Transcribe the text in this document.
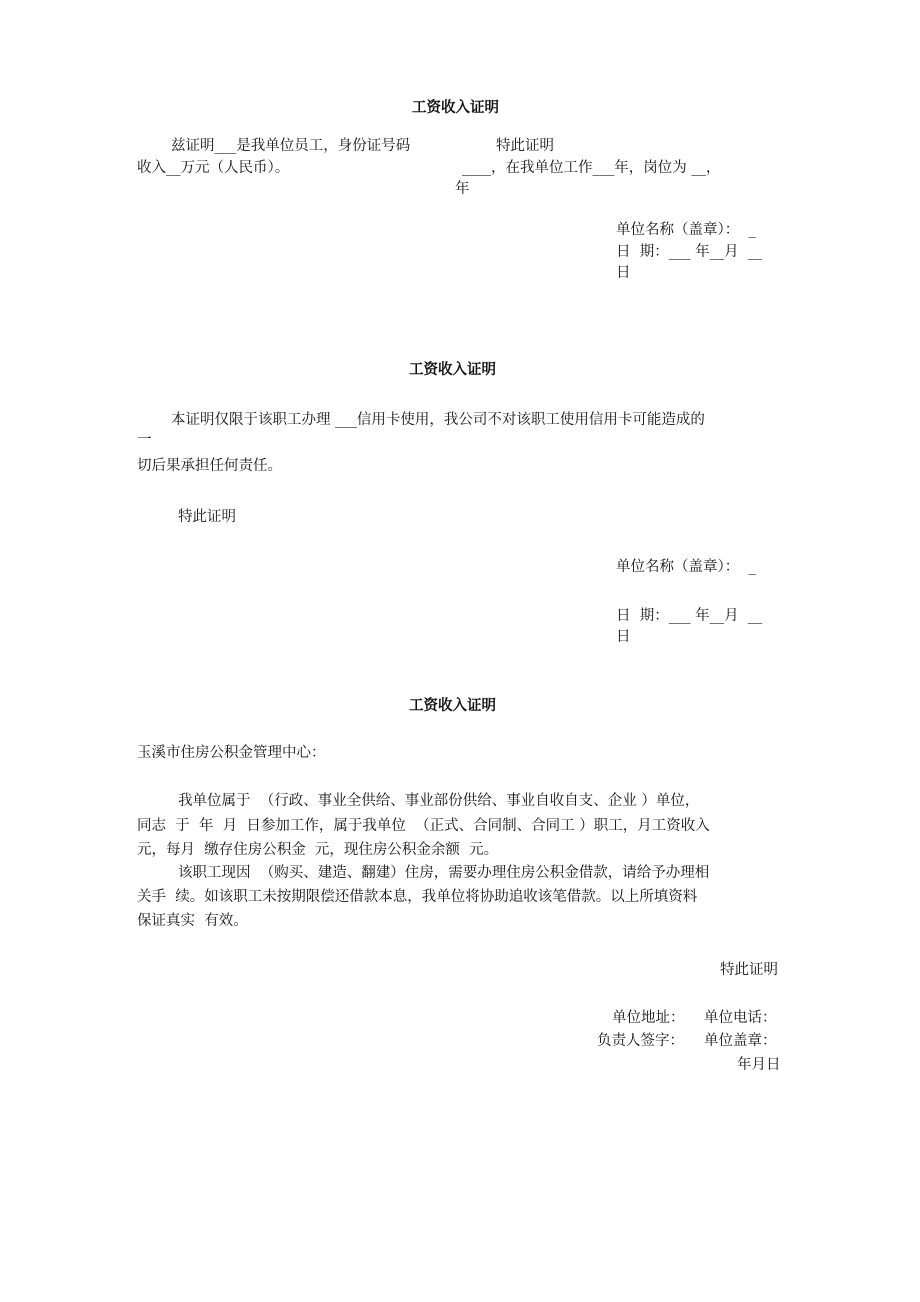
工资收入证明
兹证明___是我单位员工，身份证号码	特此证明
收入__万元（人民币）。	____，在我单位工作___年，岗位为 __，
年
单位名称（盖章）：  _
日  期：___ 年__月  __
日
工资收入证明
本证明仅限于该职工办理 ___信用卡使用，我公司不对该职工使用信用卡可能造成的
一
切后果承担任何责任。
特此证明
单位名称（盖章）：  _
日  期：___ 年__月  __
日
工资收入证明
玉溪市住房公积金管理中心：
我单位属于  （行政、事业全供给、事业部份供给、事业自收自支、企业 ）单位，
同志  于  年  月  日参加工作，属于我单位  （正式、合同制、合同工 ）职工，月工资收入
元，每月  缴存住房公积金  元，现住房公积金余额  元。
该职工现因  （购买、建造、翻建）住房，需要办理住房公积金借款，请给予办理相
关手  续。如该职工未按期限偿还借款本息，我单位将协助追收该笔借款。以上所填资料
保证真实  有效。
特此证明
单位地址： 单位电话：
负责人签字： 单位盖章：
年月日
